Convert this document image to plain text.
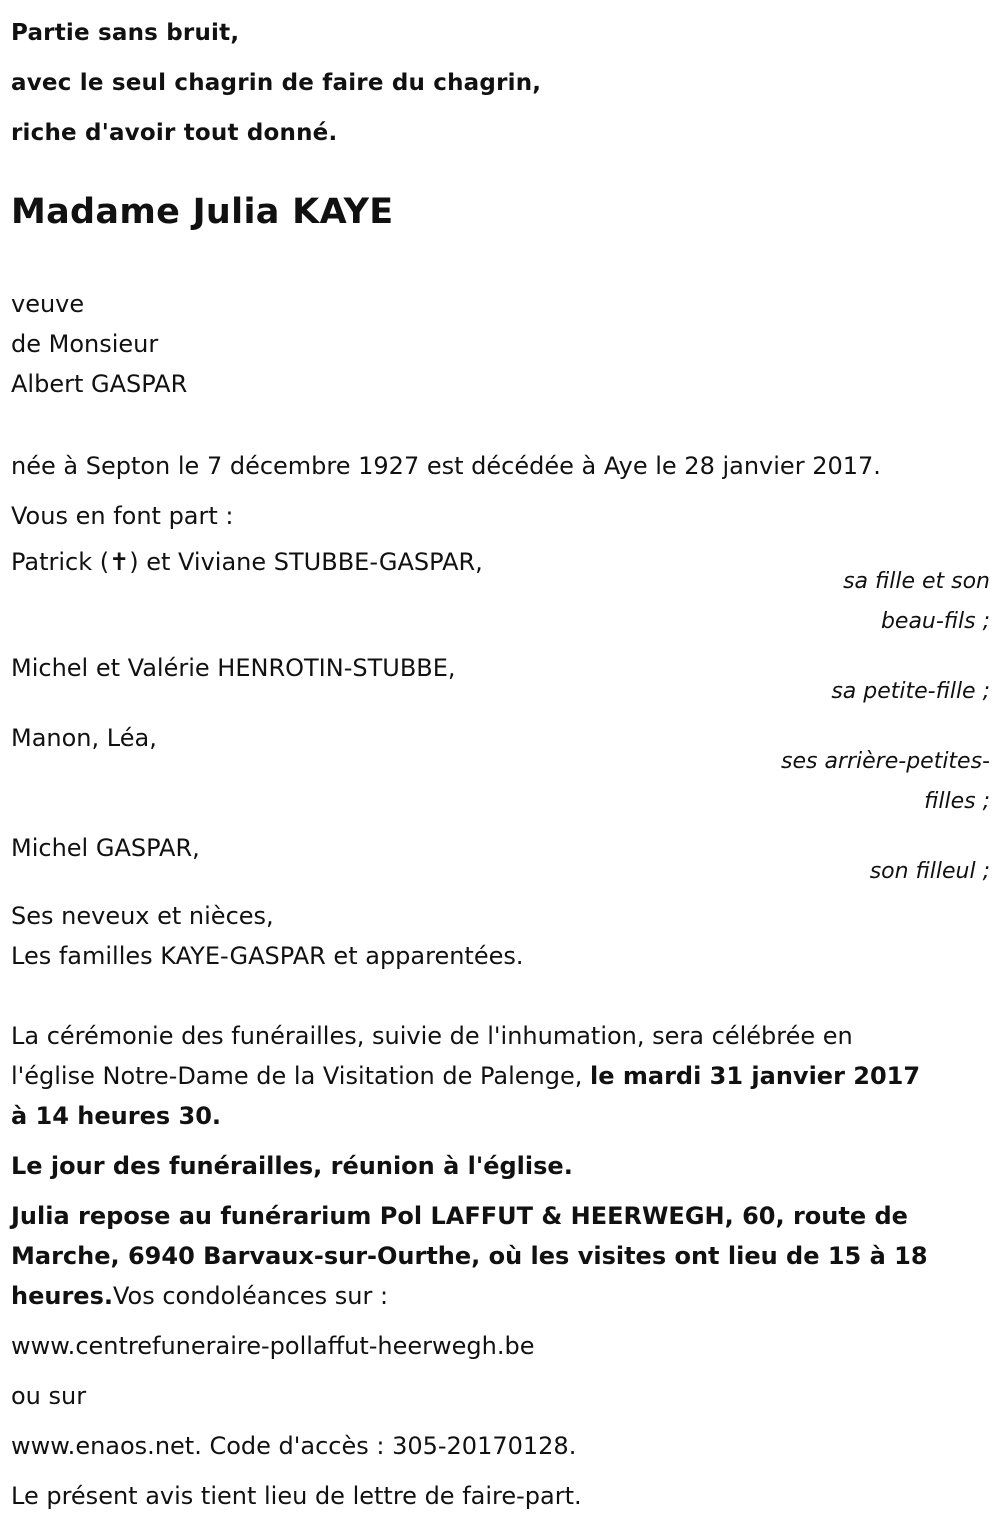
Partie sans bruit,
avec le seul chagrin de faire du chagrin,
riche d'avoir tout donné.
Madame Julia KAYE
veuve
de Monsieur
Albert GASPAR
née à Septon le 7 décembre 1927 est décédée à Aye le 28 janvier 2017.
Vous en font part :
Patrick (✝) et Viviane STUBBE-GASPAR,
sa fille et son
beau-fils ;
Michel et Valérie HENROTIN-STUBBE,
sa petite-fille ;
Manon, Léa,
ses arrière-petites-
filles ;
Michel GASPAR,
son filleul ;
Ses neveux et nièces,
Les familles KAYE-GASPAR et apparentées.
La cérémonie des funérailles, suivie de l'inhumation, sera célébrée en
l'église Notre-Dame de la Visitation de Palenge, le mardi 31 janvier 2017
à 14 heures 30.
Le jour des funérailles, réunion à l'église.
Julia repose au funérarium Pol LAFFUT & HEERWEGH, 60, route de
Marche, 6940 Barvaux-sur-Ourthe, où les visites ont lieu de 15 à 18
heures.Vos condoléances sur :
www.centrefuneraire-pollaffut-heerwegh.be
ou sur
www.enaos.net. Code d'accès : 305-20170128.
Le présent avis tient lieu de lettre de faire-part.
